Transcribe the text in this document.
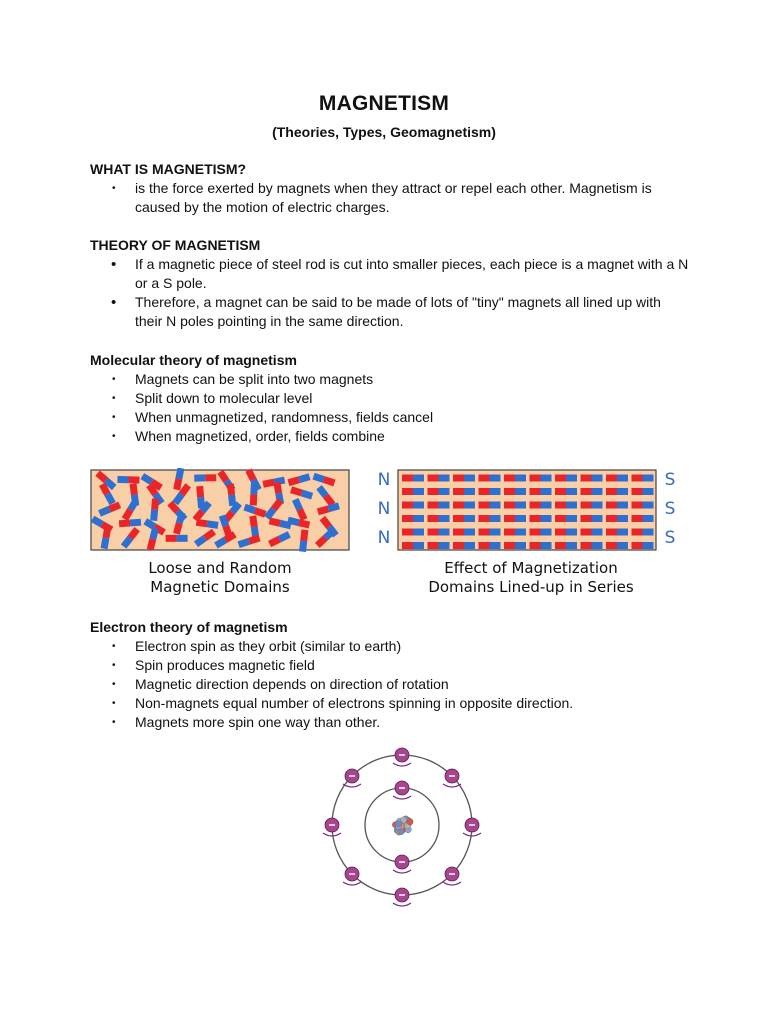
MAGNETISM
(Theories, Types, Geomagnetism)
WHAT IS MAGNETISM?
• is the force exerted by magnets when they attract or repel each other. Magnetism is caused by the motion of electric charges.
THEORY OF MAGNETISM
• If a magnetic piece of steel rod is cut into smaller pieces, each piece is a magnet with a N or a S pole.
• Therefore, a magnet can be said to be made of lots of "tiny" magnets all lined up with their N poles pointing in the same direction.
Molecular theory of magnetism
• Magnets can be split into two magnets
• Split down to molecular level
• When unmagnetized, randomness, fields cancel
• When magnetized, order, fields combine
N
N
N
S
S
S
Loose and Random
Magnetic Domains
Effect of Magnetization
Domains Lined-up in Series
Electron theory of magnetism
• Electron spin as they orbit (similar to earth)
• Spin produces magnetic field
• Magnetic direction depends on direction of rotation
• Non-magnets equal number of electrons spinning in opposite direction.
• Magnets more spin one way than other.
